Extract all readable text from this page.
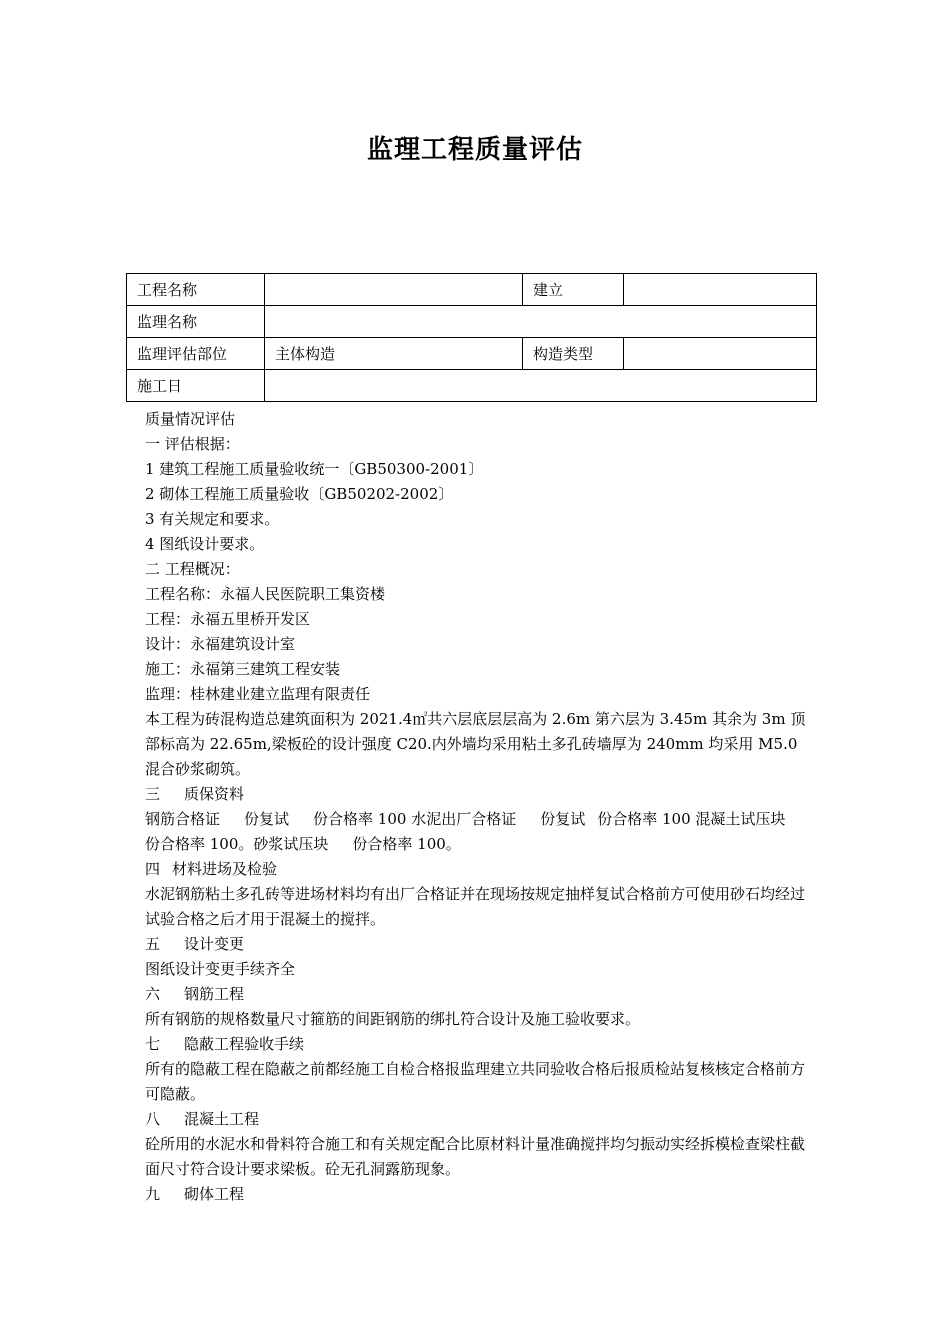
监理工程质量评估
工程名称		建立	
监理名称			
监理评估部位	主体构造	构造类型	
施工日			

质量情况评估

一 评估根据：

1 建筑工程施工质量验收统一〔GB50300-2001〕

2 砌体工程施工质量验收〔GB50202-2002〕

3 有关规定和要求。

4 图纸设计要求。

二 工程概况：

工程名称：永福人民医院职工集资楼

工程：永福五里桥开发区

设计：永福建筑设计室

施工：永福第三建筑工程安装

监理：桂林建业建立监理有限责任

本工程为砖混构造总建筑面积为 2021.4㎡共六层底层层高为 2.6m 第六层为 3.45m 其余为 3m 顶部标高为 22.65m,梁板砼的设计强度 C20.内外墙均采用粘土多孔砖墙厚为 240mm 均采用 M5.0 混合砂浆砌筑。

三 质保资料

钢筋合格证 份复试 份合格率 100 水泥出厂合格证 份复试 份合格率 100 混凝土试压块份合格率 100。砂浆试压块 份合格率 100。

四 材料进场及检验

水泥钢筋粘土多孔砖等进场材料均有出厂合格证并在现场按规定抽样复试合格前方可使用砂石均经过试验合格之后才用于混凝土的搅拌。

五 设计变更

图纸设计变更手续齐全

六 钢筋工程

所有钢筋的规格数量尺寸箍筋的间距钢筋的绑扎符合设计及施工验收要求。

七 隐蔽工程验收手续

所有的隐蔽工程在隐蔽之前都经施工自检合格报监理建立共同验收合格后报质检站复核核定合格前方可隐蔽。

八 混凝土工程

砼所用的水泥水和骨料符合施工和有关规定配合比原材料计量准确搅拌均匀振动实经拆模检查梁柱截面尺寸符合设计要求梁板。砼无孔洞露筋现象。

九 砌体工程
